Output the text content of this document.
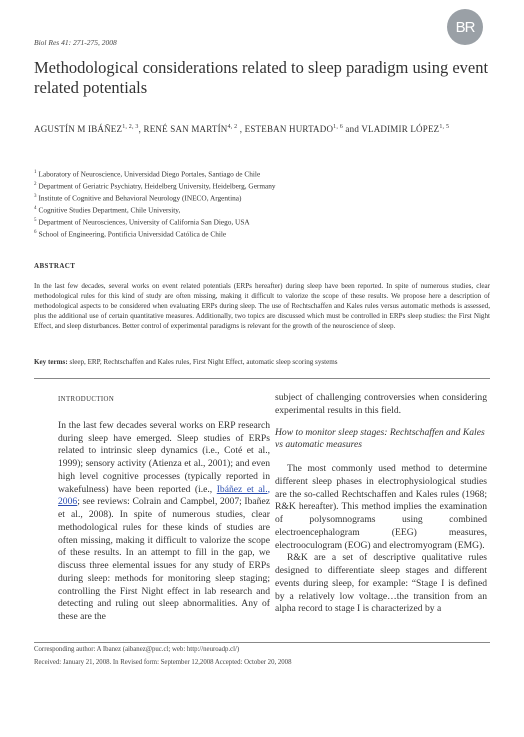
Biol Res 41: 271-275, 2008
BR
Methodological considerations related to sleep paradigm using event related potentials
AGUSTÍN M IBÁÑEZ$^{1, 2, 3}$, RENÉ SAN MARTÍN$^{4, 2}$ , ESTEBAN HURTADO$^{1, 6}$ and VLADIMIR LÓPEZ$^{1, 5}$
$^1$ Laboratory of Neuroscience, Universidad Diego Portales, Santiago de Chile
$^2$ Department of Geriatric Psychiatry, Heidelberg University, Heidelberg, Germany
$^3$ Institute of Cognitive and Behavioral Neurology (INECO, Argentina)
$^4$ Cognitive Studies Department, Chile University,
$^5$ Department of Neurosciences, University of California San Diego, USA
$^6$ School of Engineering, Pontificia Universidad Católica de Chile
ABSTRACT
In the last few decades, several works on event related potentials (ERPs hereafter) during sleep have been reported. In spite of numerous studies, clear methodological rules for this kind of study are often missing, making it difficult to valorize the scope of these results. We propose here a description of methodological aspects to be considered when evaluating ERPs during sleep. The use of Rechtschaffen and Kales rules versus automatic methods is assessed, plus the additional use of certain quantitative measures. Additionally, two topics are discussed which must be controlled in ERPs sleep studies: the First Night Effect, and sleep disturbances. Better control of experimental paradigms is relevant for the growth of the neuroscience of sleep.
Key terms: sleep, ERP, Rechtschaffen and Kales rules, First Night Effect, automatic sleep scoring systems
INTRODUCTION

In the last few decades several works on ERP research during sleep have emerged. Sleep studies of ERPs related to intrinsic sleep dynamics (i.e., Coté et al., 1999); sensory activity (Atienza et al., 2001); and even high level cognitive processes (typically reported in wakefulness) have been reported (i.e., Ibáñez et al., 2006; see reviews: Colrain and Campbel, 2007; Ibañez et al., 2008). In spite of numerous studies, clear methodological rules for these kinds of studies are often missing, making it difficult to valorize the scope of these results. In an attempt to fill in the gap, we discuss three elemental issues for any study of ERPs during sleep: methods for monitoring sleep staging; controlling the First Night effect in lab research and detecting and ruling out sleep abnormalities. Any of these are the

subject of challenging controversies when considering experimental results in this field.

How to monitor sleep stages: Rechtschaffen and Kales vs automatic measures

The most commonly used method to determine different sleep phases in electrophysiological studies are the so-called Rechtschaffen and Kales rules (1968; R&K hereafter). This method implies the examination of polysomnograms using combined electroencephalogram (EEG) measures, electrooculogram (EOG) and electromyogram (EMG).

R&K are a set of descriptive qualitative rules designed to differentiate sleep stages and different events during sleep, for example: “Stage I is defined by a relatively low voltage…the transition from an alpha record to stage I is characterized by a

Corresponding author: A Ibanez (aibanez@puc.cl; web: http://neuroadp.cl/)
Received: January 21, 2008. In Revised form: September 12,2008 Accepted: October 20, 2008
